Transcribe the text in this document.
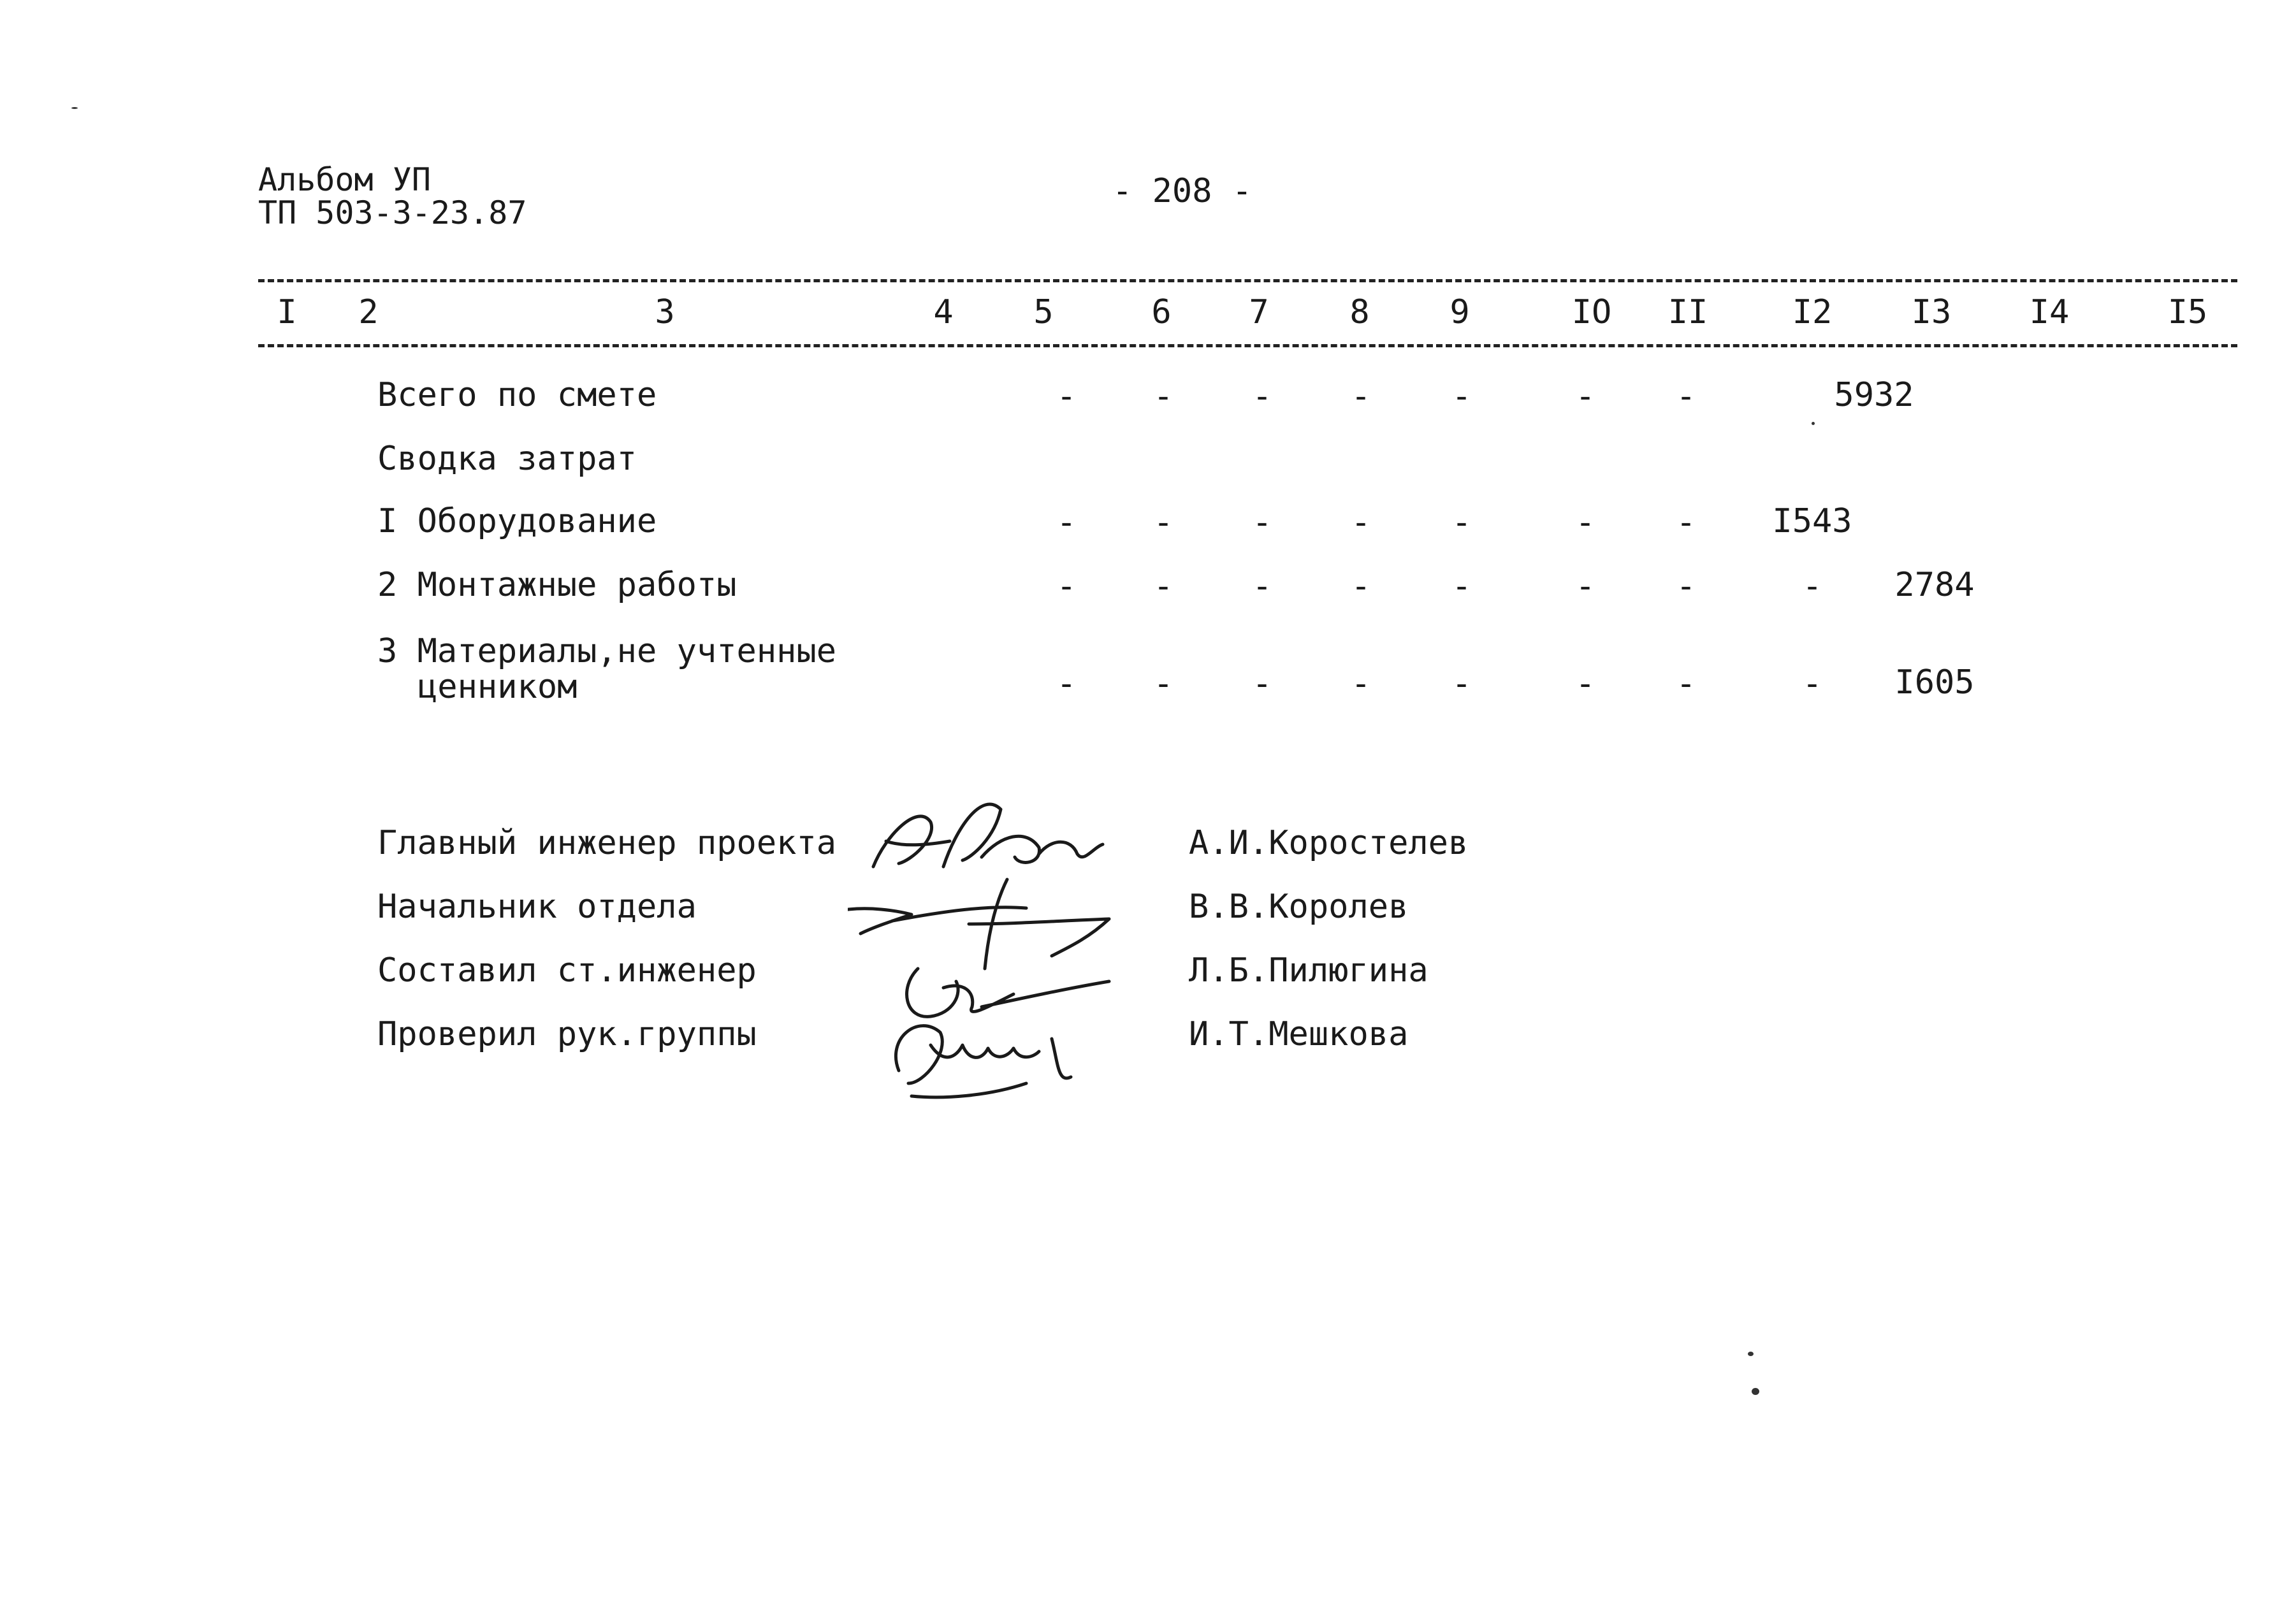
Альбом УП
ТП 503-3-23.87
- 208 -
I 2	3	4 5	6 7 8 9	IO II	I2 I3 I4	I5
Всего по смете	- - - - -	- -	5932
Сводка затрат
I Оборудование	- - - - -	- - I543
2 Монтажные работы	- - - - -	- -	- 2784
3 Материалы,не учтенные
ценником	- - - - -	- -	- I605
Главный инженер проекта	А.И.Коростелев
Начальник отдела	В.В.Королев
Составил ст.инженер	Л.Б.Пилюгина
Проверил рук.группы	И.Т.Мешкова
